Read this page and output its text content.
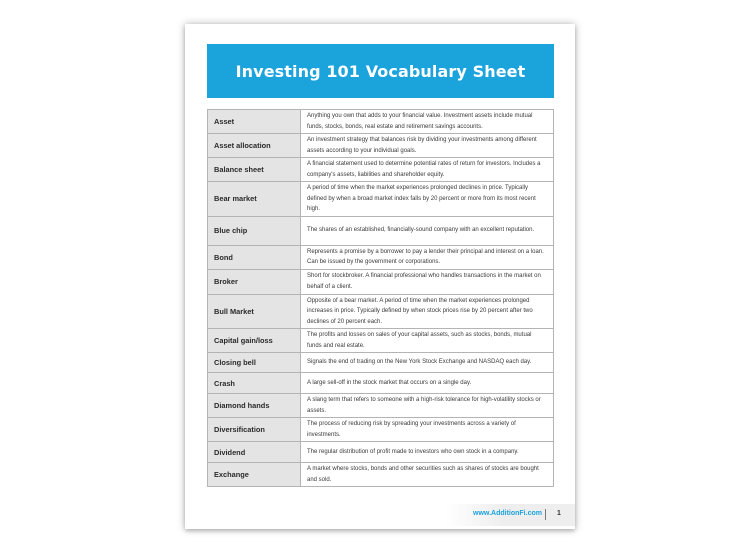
Investing 101 Vocabulary Sheet
Asset	Anything you own that adds to your financial value. Investment assets include mutual funds, stocks, bonds, real estate and retirement savings accounts.
Asset allocation	An investment strategy that balances risk by dividing your investments among different assets according to your individual goals.
Balance sheet	A financial statement used to determine potential rates of return for investors. Includes a company's assets, liabilities and shareholder equity.
Bear market	A period of time when the market experiences prolonged declines in price. Typically defined by when a broad market index falls by 20 percent or more from its most recent high.
Blue chip	The shares of an established, financially-sound company with an excellent reputation.
Bond	Represents a promise by a borrower to pay a lender their principal and interest on a loan. Can be issued by the government or corporations.
Broker	Short for stockbroker. A financial professional who handles transactions in the market on behalf of a client.
Bull Market	Opposite of a bear market. A period of time when the market experiences prolonged increases in price. Typically defined by when stock prices rise by 20 percent after two declines of 20 percent each.
Capital gain/loss	The profits and losses on sales of your capital assets, such as stocks, bonds, mutual funds and real estate.
Closing bell	Signals the end of trading on the New York Stock Exchange and NASDAQ each day.
Crash	A large sell-off in the stock market that occurs on a single day.
Diamond hands	A slang term that refers to someone with a high-risk tolerance for high-volatility stocks or assets.
Diversification	The process of reducing risk by spreading your investments across a variety of investments.
Dividend	The regular distribution of profit made to investors who own stock in a company.
Exchange	A market where stocks, bonds and other securities such as shares of stocks are bought and sold.
www.AdditionFi.com 1
